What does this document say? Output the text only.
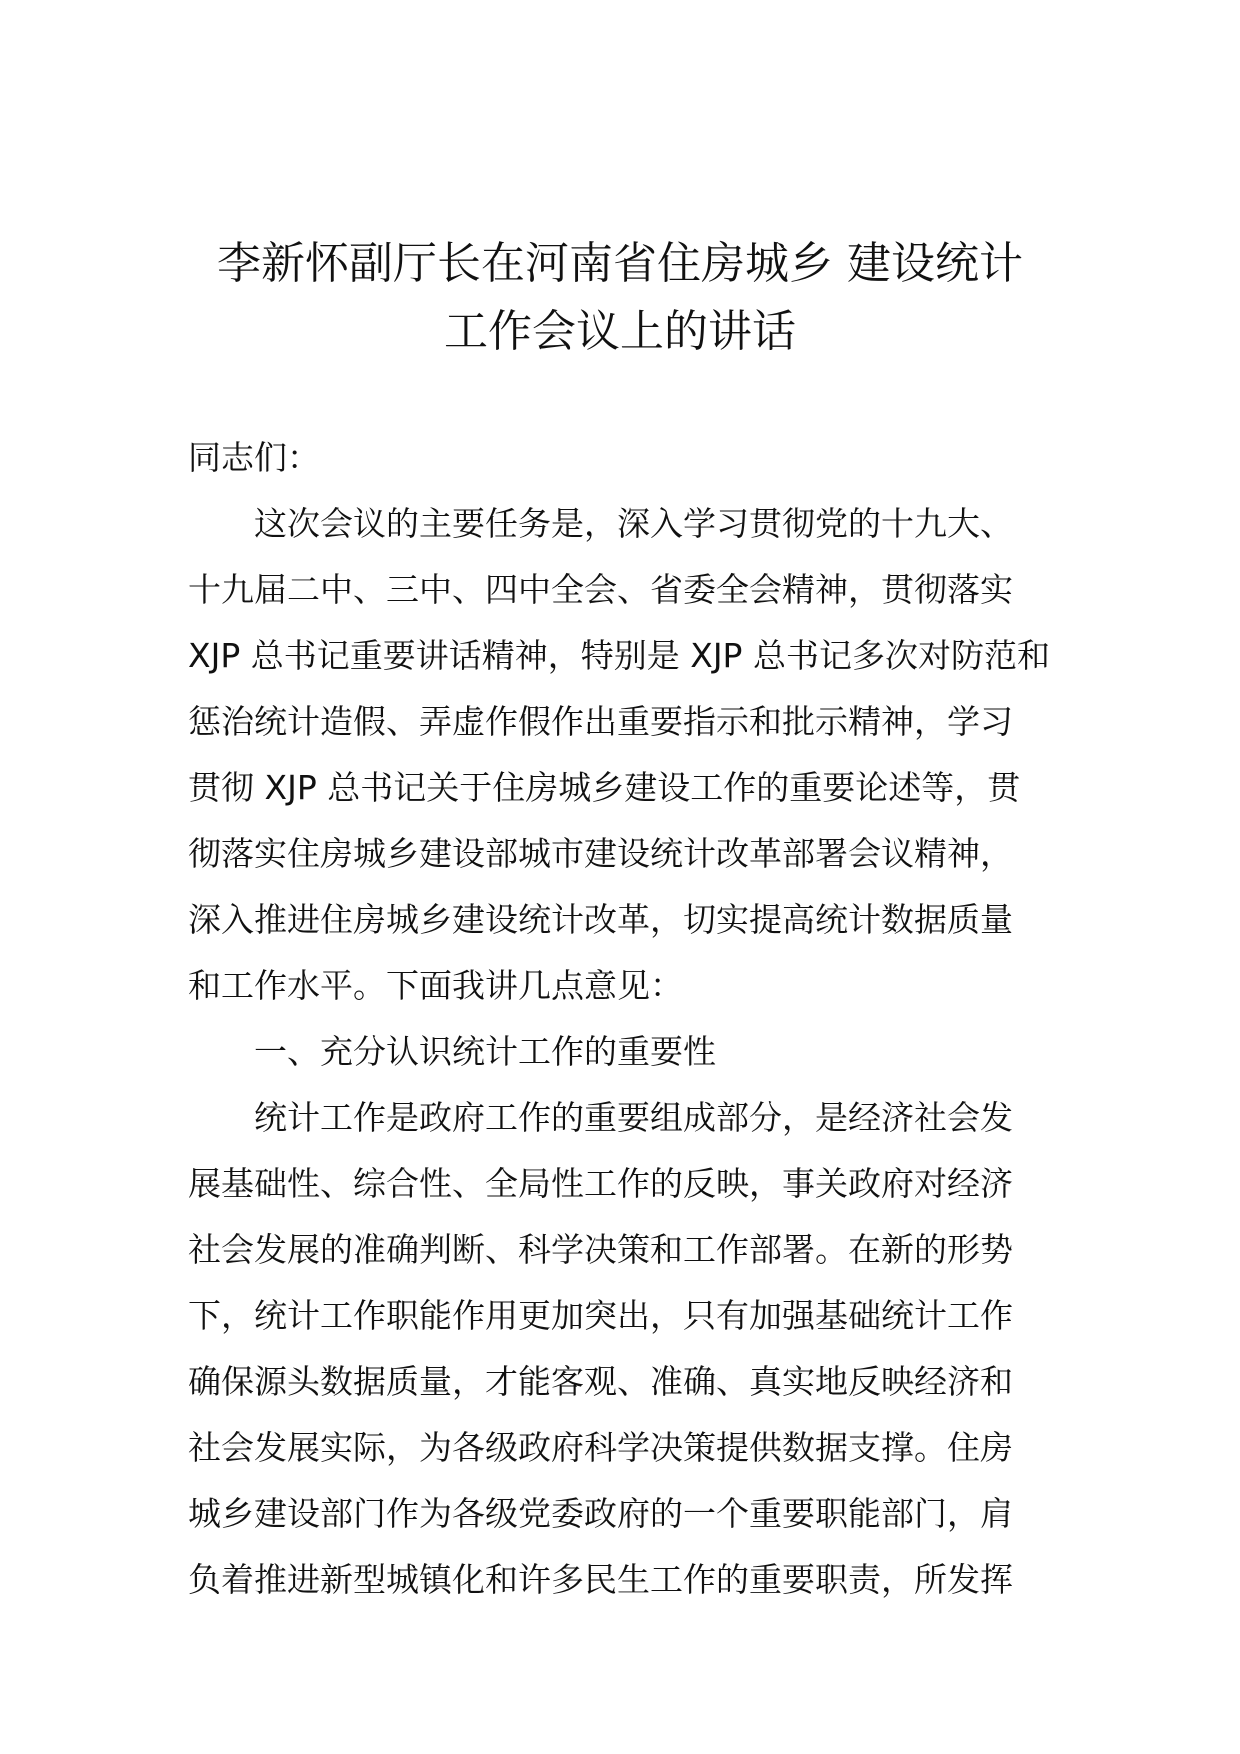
李新怀副厅长在河南省住房城乡 建设统计
工作会议上的讲话
同志们：
这次会议的主要任务是，深入学习贯彻党的十九大、
十九届二中、三中、四中全会、省委全会精神，贯彻落实
XJP 总书记重要讲话精神，特别是 XJP 总书记多次对防范和
惩治统计造假、弄虚作假作出重要指示和批示精神，学习
贯彻 XJP 总书记关于住房城乡建设工作的重要论述等，贯
彻落实住房城乡建设部城市建设统计改革部署会议精神，
深入推进住房城乡建设统计改革，切实提高统计数据质量
和工作水平。下面我讲几点意见：
一、充分认识统计工作的重要性
统计工作是政府工作的重要组成部分，是经济社会发
展基础性、综合性、全局性工作的反映，事关政府对经济
社会发展的准确判断、科学决策和工作部署。在新的形势
下，统计工作职能作用更加突出，只有加强基础统计工作
确保源头数据质量，才能客观、准确、真实地反映经济和
社会发展实际，为各级政府科学决策提供数据支撑。住房
城乡建设部门作为各级党委政府的一个重要职能部门，肩
负着推进新型城镇化和许多民生工作的重要职责，所发挥
